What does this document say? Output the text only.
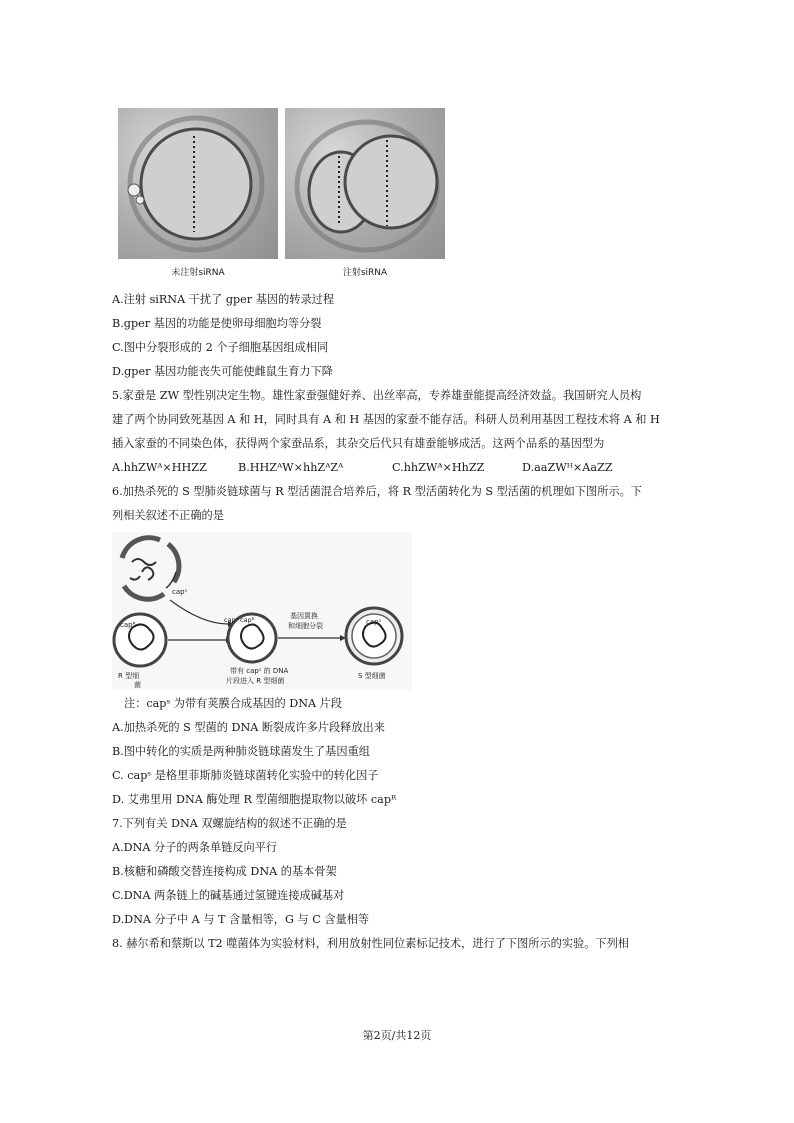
未注射siRNA	注射siRNA
A.注射 siRNA 干扰了 gper 基因的转录过程
B.gper 基因的功能是使卵母细胞均等分裂
C.图中分裂形成的 2 个子细胞基因组成相同
D.gper 基因功能丧失可能使雌鼠生育力下降
5.家蚕是 ZW 型性别决定生物。雄性家蚕强健好养、出丝率高，专养雄蚕能提高经济效益。我国研究人员构
建了两个协同致死基因 A 和 H，同时具有 A 和 H 基因的家蚕不能存活。科研人员利用基因工程技术将 A 和 H
插入家蚕的不同染色体，获得两个家蚕品系，其杂交后代只有雄蚕能够成活。这两个品系的基因型为
A.hhZWᴬ×HHZZ	B.HHZᴬW×hhZᴬZᴬ	C.hhZWᴬ×HhZZ	D.aaZWᴴ×AaZZ
6.加热杀死的 S 型肺炎链球菌与 R 型活菌混合培养后，将 R 型活菌转化为 S 型活菌的机理如下图所示。下
列相关叙述不正确的是
capˢ
capᴿ
R 型细
菌
capˢ capᴿ
带有 capˢ 的 DNA
片段进入 R 型细菌
基因置换
和细胞分裂	capˢ
S 型细菌
注：capˢ 为带有荚膜合成基因的 DNA 片段
A.加热杀死的 S 型菌的 DNA 断裂成许多片段释放出来
B.图中转化的实质是两种肺炎链球菌发生了基因重组
C. capˢ 是格里菲斯肺炎链球菌转化实验中的转化因子
D. 艾弗里用 DNA 酶处理 R 型菌细胞提取物以破坏 capᴿ
7.下列有关 DNA 双螺旋结构的叙述不正确的是
A.DNA 分子的两条单链反向平行
B.核糖和磷酸交替连接构成 DNA 的基本骨架
C.DNA 两条链上的碱基通过氢键连接成碱基对
D.DNA 分子中 A 与 T 含量相等，G 与 C 含量相等
8. 赫尔希和蔡斯以 T2 噬菌体为实验材料，利用放射性同位素标记技术，进行了下图所示的实验。下列相
第2页/共12页
